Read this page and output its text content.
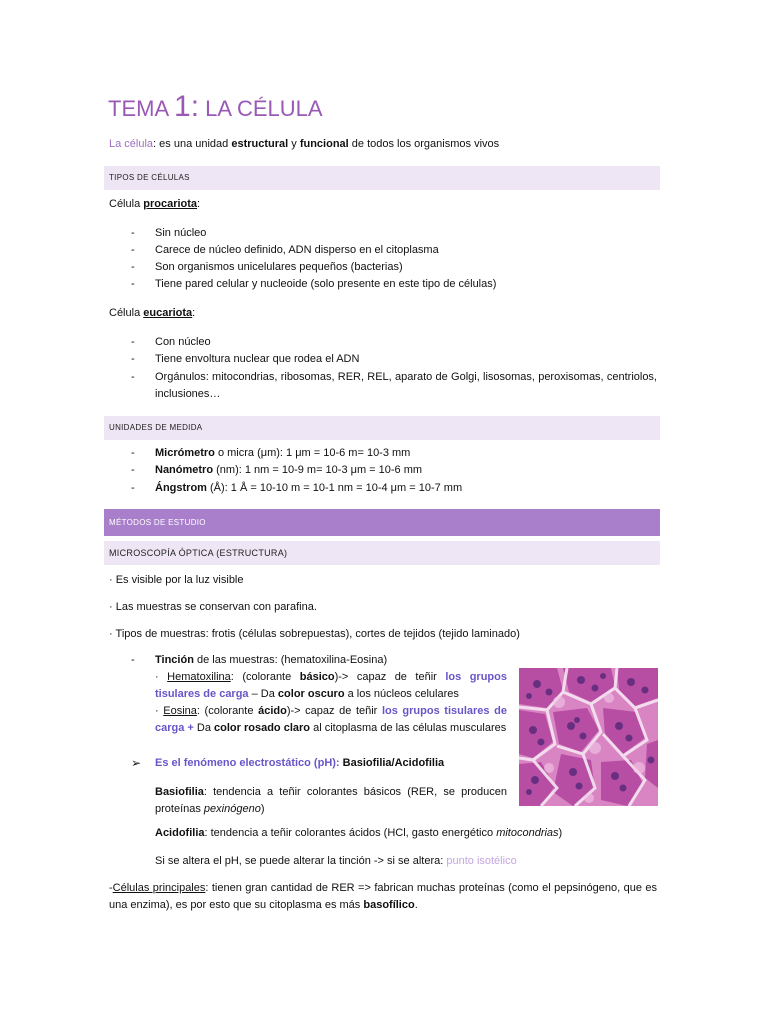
TEMA 1: LA CÉLULA
La célula: es una unidad estructural y funcional de todos los organismos vivos
TIPOS DE CÉLULAS
Célula procariota:
- Sin núcleo
- Carece de núcleo definido, ADN disperso en el citoplasma
- Son organismos unicelulares pequeños (bacterias)
- Tiene pared celular y nucleoide (solo presente en este tipo de células)
Célula eucariota:
- Con núcleo
- Tiene envoltura nuclear que rodea el ADN
- Orgánulos: mitocondrias, ribosomas, RER, REL, aparato de Golgi, lisosomas, peroxisomas, centriolos, inclusiones…
UNIDADES DE MEDIDA
- Micrómetro o micra (μm): 1 μm = 10-6 m= 10-3 mm
- Nanómetro (nm): 1 nm = 10-9 m= 10-3 μm = 10-6 mm
- Ángstrom (Å): 1 Å = 10-10 m = 10-1 nm = 10-4 μm = 10-7 mm
MÉTODOS DE ESTUDIO
MICROSCOPÍA ÓPTICA (ESTRUCTURA)
· Es visible por la luz visible
· Las muestras se conservan con parafina.
· Tipos de muestras: frotis (células sobrepuestas), cortes de tejidos (tejido laminado)
- Tinción de las muestras: (hematoxilina-Eosina)
· Hematoxilina: (colorante básico)-> capaz de teñir los grupos tisulares de carga – Da color oscuro a los núcleos celulares
· Eosina: (colorante ácido)-> capaz de teñir los grupos tisulares de carga + Da color rosado claro al citoplasma de las células musculares
➢ Es el fenómeno electrostático (pH): Basiofilia/Acidofilia
Basiofilia: tendencia a teñir colorantes básicos (RER, se producen proteínas pexinógeno)
Acidofilia: tendencia a teñir colorantes ácidos (HCl, gasto energético mitocondrias)
Si se altera el pH, se puede alterar la tinción -> si se altera: punto isotélico
-Células principales: tienen gran cantidad de RER => fabrican muchas proteínas (como el pepsinógeno, que es una enzima), es por esto que su citoplasma es más basofílico.
